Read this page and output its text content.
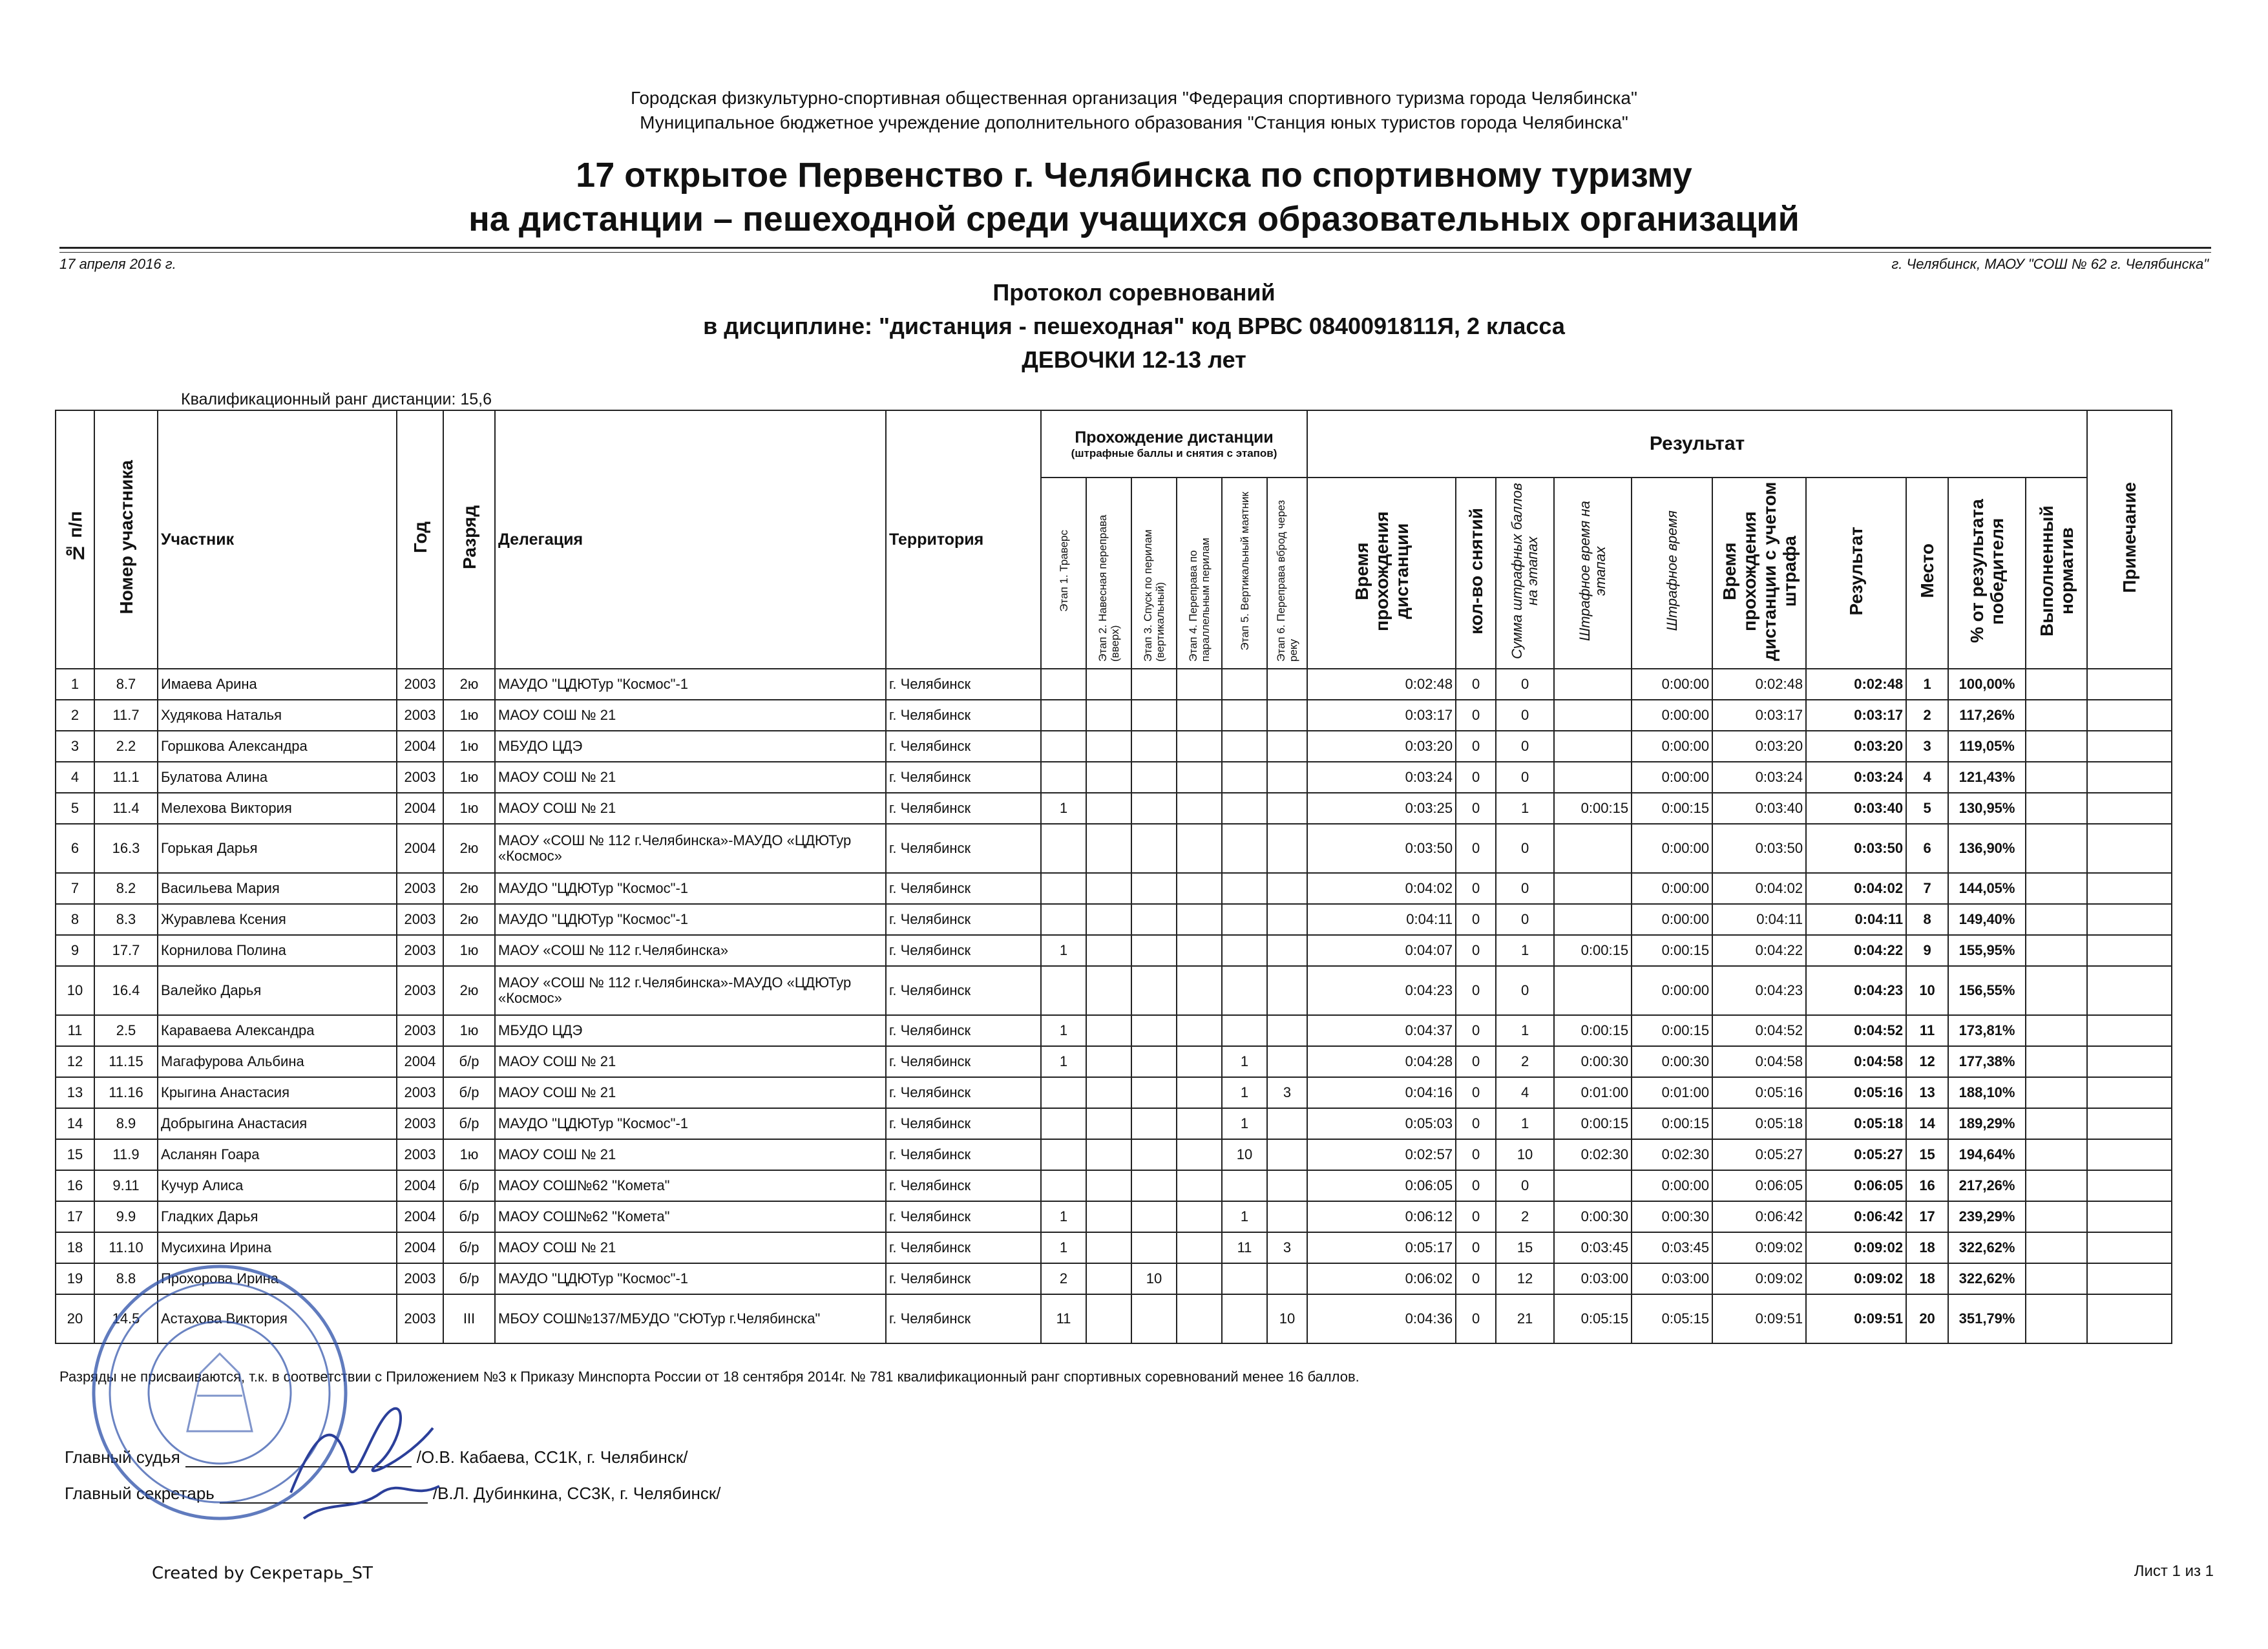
Городская физкультурно-спортивная общественная организация "Федерация спортивного туризма города Челябинска"
Муниципальное бюджетное учреждение дополнительного образования "Станция юных туристов города Челябинска"
17 открытое Первенство г. Челябинска по спортивному туризму
на дистанции – пешеходной среди учащихся образовательных организаций
17 апреля 2016 г.	г. Челябинск, МАОУ "СОШ № 62 г. Челябинска"
Протокол соревнований
в дисциплине: "дистанция - пешеходная" код ВРВС 0840091811Я, 2 класса
ДЕВОЧКИ 12-13 лет
Квалификационный ранг дистанции: 15,6
№ п/п	Номер участника	Участник	Год	Разряд	Делегация	Территория	Прохождение дистанции
(штрафные баллы и снятия с этапов)						Результат										Примечание
							Этап 1. Траверс	Этап 2. Навесная переправа (вверх)	Этап 3. Спуск по перилам (вертикальный)	Этап 4. Переправа по параллельным перилам	Этап 5. Вертикальный маятник	Этап 6. Переправа вброд через реку	Время прохождения дистанции	кол-во снятий	Сумма штрафных баллов на этапах	Штрафное время на этапах	Штрафное время	Время прохождения дистанции с учетом штрафа	Результат	Место	% от результата победителя	Выполненный норматив	
1	8.7	Имаева Арина	2003	2ю	МАУДО "ЦДЮТур "Космос"-1	г. Челябинск							0:02:48	0	0		0:00:00	0:02:48	0:02:48	1	100,00%		
2	11.7	Худякова Наталья	2003	1ю	МАОУ СОШ № 21	г. Челябинск							0:03:17	0	0		0:00:00	0:03:17	0:03:17	2	117,26%		
3	2.2	Горшкова Александра	2004	1ю	МБУДО ЦДЭ	г. Челябинск							0:03:20	0	0		0:00:00	0:03:20	0:03:20	3	119,05%		
4	11.1	Булатова Алина	2003	1ю	МАОУ СОШ № 21	г. Челябинск							0:03:24	0	0		0:00:00	0:03:24	0:03:24	4	121,43%		
5	11.4	Мелехова Виктория	2004	1ю	МАОУ СОШ № 21	г. Челябинск	1						0:03:25	0	1	0:00:15	0:00:15	0:03:40	0:03:40	5	130,95%		
6	16.3	Горькая Дарья	2004	2ю	МАОУ «СОШ № 112 г.Челябинска»-МАУДО «ЦДЮТур «Космос»	г. Челябинск							0:03:50	0	0		0:00:00	0:03:50	0:03:50	6	136,90%		
7	8.2	Васильева Мария	2003	2ю	МАУДО "ЦДЮТур "Космос"-1	г. Челябинск							0:04:02	0	0		0:00:00	0:04:02	0:04:02	7	144,05%		
8	8.3	Журавлева Ксения	2003	2ю	МАУДО "ЦДЮТур "Космос"-1	г. Челябинск							0:04:11	0	0		0:00:00	0:04:11	0:04:11	8	149,40%		
9	17.7	Корнилова Полина	2003	1ю	МАОУ «СОШ № 112 г.Челябинска»	г. Челябинск	1						0:04:07	0	1	0:00:15	0:00:15	0:04:22	0:04:22	9	155,95%		
10	16.4	Валейко Дарья	2003	2ю	МАОУ «СОШ № 112 г.Челябинска»-МАУДО «ЦДЮТур «Космос»	г. Челябинск							0:04:23	0	0		0:00:00	0:04:23	0:04:23	10	156,55%		
11	2.5	Караваева Александра	2003	1ю	МБУДО ЦДЭ	г. Челябинск	1						0:04:37	0	1	0:00:15	0:00:15	0:04:52	0:04:52	11	173,81%		
12	11.15	Магафурова Альбина	2004	б/р	МАОУ СОШ № 21	г. Челябинск	1				1		0:04:28	0	2	0:00:30	0:00:30	0:04:58	0:04:58	12	177,38%		
13	11.16	Крыгина Анастасия	2003	б/р	МАОУ СОШ № 21	г. Челябинск					1	3	0:04:16	0	4	0:01:00	0:01:00	0:05:16	0:05:16	13	188,10%		
14	8.9	Добрыгина Анастасия	2003	б/р	МАУДО "ЦДЮТур "Космос"-1	г. Челябинск					1		0:05:03	0	1	0:00:15	0:00:15	0:05:18	0:05:18	14	189,29%		
15	11.9	Асланян Гоара	2003	1ю	МАОУ СОШ № 21	г. Челябинск					10		0:02:57	0	10	0:02:30	0:02:30	0:05:27	0:05:27	15	194,64%		
16	9.11	Кучур Алиса	2004	б/р	МАОУ СОШ№62 "Комета"	г. Челябинск							0:06:05	0	0		0:00:00	0:06:05	0:06:05	16	217,26%		
17	9.9	Гладких Дарья	2004	б/р	МАОУ СОШ№62 "Комета"	г. Челябинск	1				1		0:06:12	0	2	0:00:30	0:00:30	0:06:42	0:06:42	17	239,29%		
18	11.10	Мусихина Ирина	2004	б/р	МАОУ СОШ № 21	г. Челябинск	1				11	3	0:05:17	0	15	0:03:45	0:03:45	0:09:02	0:09:02	18	322,62%		
19	8.8	Прохорова Ирина	2003	б/р	МАУДО "ЦДЮТур "Космос"-1	г. Челябинск	2		10				0:06:02	0	12	0:03:00	0:03:00	0:09:02	0:09:02	18	322,62%		
20	14.5	Астахова Виктория	2003	III	МБОУ СОШ№137/МБУДО "СЮТур г.Челябинска"	г. Челябинск	11					10	0:04:36	0	21	0:05:15	0:05:15	0:09:51	0:09:51	20	351,79%		
Разряды не присваиваются, т.к. в соответствии с Приложением №3 к Приказу Минспорта России от 18 сентября 2014г. № 781 квалификационный ранг спортивных соревнований менее 16 баллов.
Главный судья	/О.В. Кабаева, СС1К, г. Челябинск/
Главный секретарь	/В.Л. Дубинкина, СС3К, г. Челябинск/
Created by Секретарь_ST	Лист 1 из 1
